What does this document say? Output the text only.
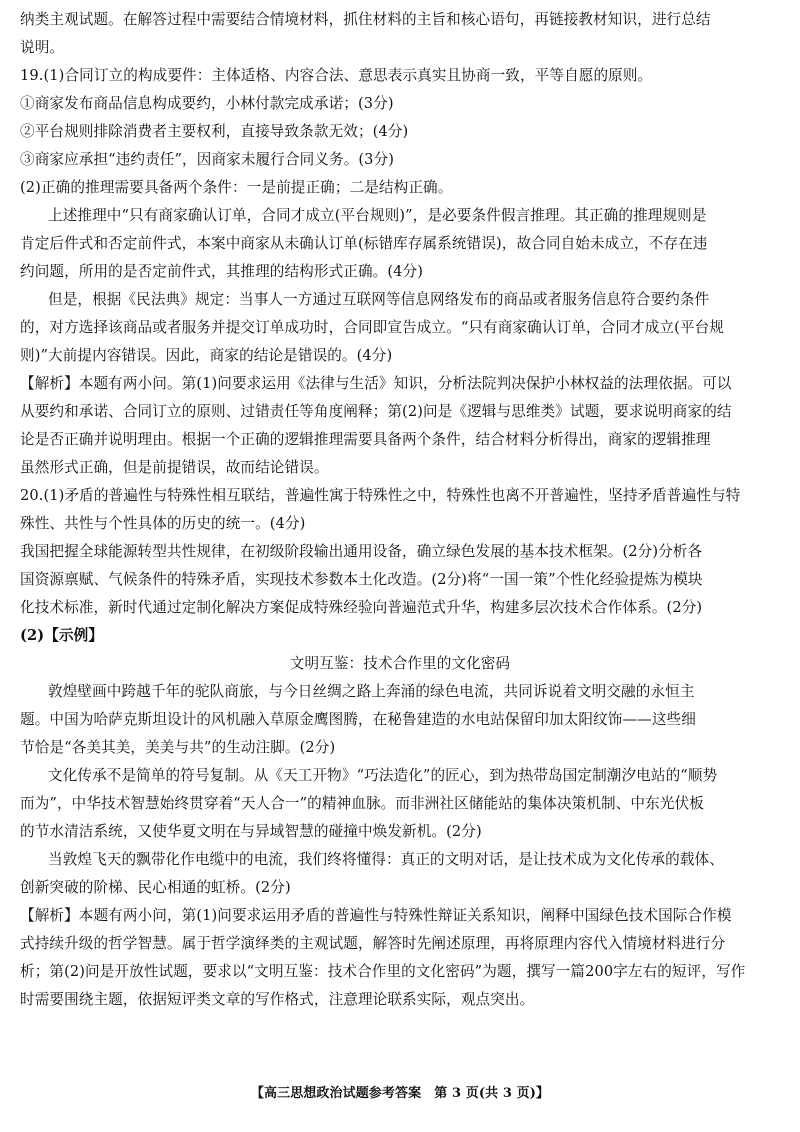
纳类主观试题。在解答过程中需要结合情境材料，抓住材料的主旨和核心语句，再链接教材知识，进行总结
说明。
19.(1)合同订立的构成要件：主体适格、内容合法、意思表示真实且协商一致，平等自愿的原则。
①商家发布商品信息构成要约，小林付款完成承诺；(3分)
②平台规则排除消费者主要权利，直接导致条款无效；(4分)
③商家应承担“违约责任”，因商家未履行合同义务。(3分)
(2)正确的推理需要具备两个条件：一是前提正确；二是结构正确。
上述推理中“只有商家确认订单，合同才成立(平台规则)”，是必要条件假言推理。其正确的推理规则是
肯定后件式和否定前件式，本案中商家从未确认订单(标错库存属系统错误)，故合同自始未成立，不存在违
约问题，所用的是否定前件式，其推理的结构形式正确。(4分)
但是，根据《民法典》规定：当事人一方通过互联网等信息网络发布的商品或者服务信息符合要约条件
的，对方选择该商品或者服务并提交订单成功时，合同即宣告成立。“只有商家确认订单，合同才成立(平台规
则)”大前提内容错误。因此，商家的结论是错误的。(4分)
【解析】本题有两小问。第(1)问要求运用《法律与生活》知识，分析法院判决保护小林权益的法理依据。可以
从要约和承诺、合同订立的原则、过错责任等角度阐释；第(2)问是《逻辑与思维类》试题，要求说明商家的结
论是否正确并说明理由。根据一个正确的逻辑推理需要具备两个条件，结合材料分析得出，商家的逻辑推理
虽然形式正确，但是前提错误，故而结论错误。
20.(1)矛盾的普遍性与特殊性相互联结，普遍性寓于特殊性之中，特殊性也离不开普遍性，坚持矛盾普遍性与特
殊性、共性与个性具体的历史的统一。(4分)
我国把握全球能源转型共性规律，在初级阶段输出通用设备，确立绿色发展的基本技术框架。(2分)分析各
国资源禀赋、气候条件的特殊矛盾，实现技术参数本土化改造。(2分)将“一国一策”个性化经验提炼为模块
化技术标准，新时代通过定制化解决方案促成特殊经验向普遍范式升华，构建多层次技术合作体系。(2分)
(2)【示例】
文明互鉴：技术合作里的文化密码
敦煌壁画中跨越千年的驼队商旅，与今日丝绸之路上奔涌的绿色电流，共同诉说着文明交融的永恒主
题。中国为哈萨克斯坦设计的风机融入草原金鹰图腾，在秘鲁建造的水电站保留印加太阳纹饰——这些细
节恰是“各美其美，美美与共”的生动注脚。(2分)
文化传承不是简单的符号复制。从《天工开物》“巧法造化”的匠心，到为热带岛国定制潮汐电站的“顺势
而为”，中华技术智慧始终贯穿着“天人合一”的精神血脉。而非洲社区储能站的集体决策机制、中东光伏板
的节水清洁系统，又使华夏文明在与异域智慧的碰撞中焕发新机。(2分)
当敦煌飞天的飘带化作电缆中的电流，我们终将懂得：真正的文明对话，是让技术成为文化传承的载体、
创新突破的阶梯、民心相通的虹桥。(2分)
【解析】本题有两小问，第(1)问要求运用矛盾的普遍性与特殊性辩证关系知识，阐释中国绿色技术国际合作模
式持续升级的哲学智慧。属于哲学演绎类的主观试题，解答时先阐述原理，再将原理内容代入情境材料进行分
析；第(2)问是开放性试题，要求以“文明互鉴：技术合作里的文化密码”为题，撰写一篇200字左右的短评，写作
时需要围绕主题，依据短评类文章的写作格式，注意理论联系实际，观点突出。
【高三思想政治试题参考答案　第 3 页(共 3 页)】
